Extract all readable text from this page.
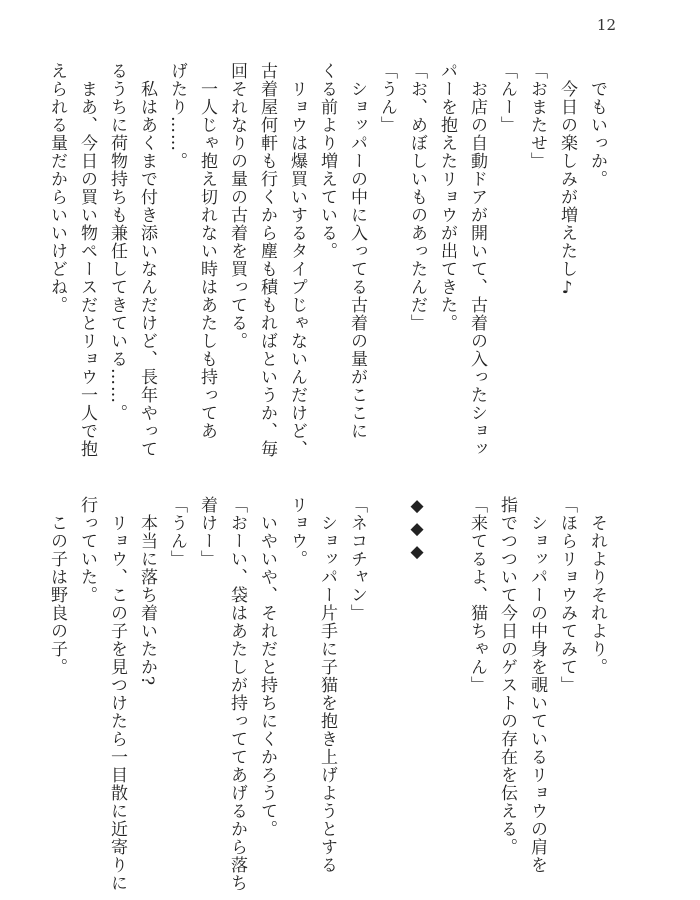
12
　でもいっか。
　今日の楽しみが増えたし♪
「おまたせ」
「んー」
　お店の自動ドアが開いて、古着の入ったショッ
パーを抱えたリョウが出てきた。
「お、めぼしいものあったんだ」
「うん」
　ショッパーの中に入ってる古着の量がここに
くる前より増えている。
　リョウは爆買いするタイプじゃないんだけど、
古着屋何軒も行くから塵も積もればというか、毎
回それなりの量の古着を買ってる。
　一人じゃ抱え切れない時はあたしも持ってあ
げたり……。
　私はあくまで付き添いなんだけど、長年やって
るうちに荷物持ちも兼任してきている……。
　まあ、今日の買い物ペースだとリョウ一人で抱
えられる量だからいいけどね。
　それよりそれより。
「ほらリョウみてみて」
　ショッパーの中身を覗いているリョウの肩を
指でつついて今日のゲストの存在を伝える。
「来てるよ、猫ちゃん」

◆◆◆

「ネコチャン」
　ショッパー片手に子猫を抱き上げようとする
リョウ。
　いやいや、それだと持ちにくかろうて。
「おーい、袋はあたしが持っててあげるから落ち
着けー」
「うん」
　本当に落ち着いたか?
　リョウ、この子を見つけたら一目散に近寄りに
行っていた。
　この子は野良の子。
